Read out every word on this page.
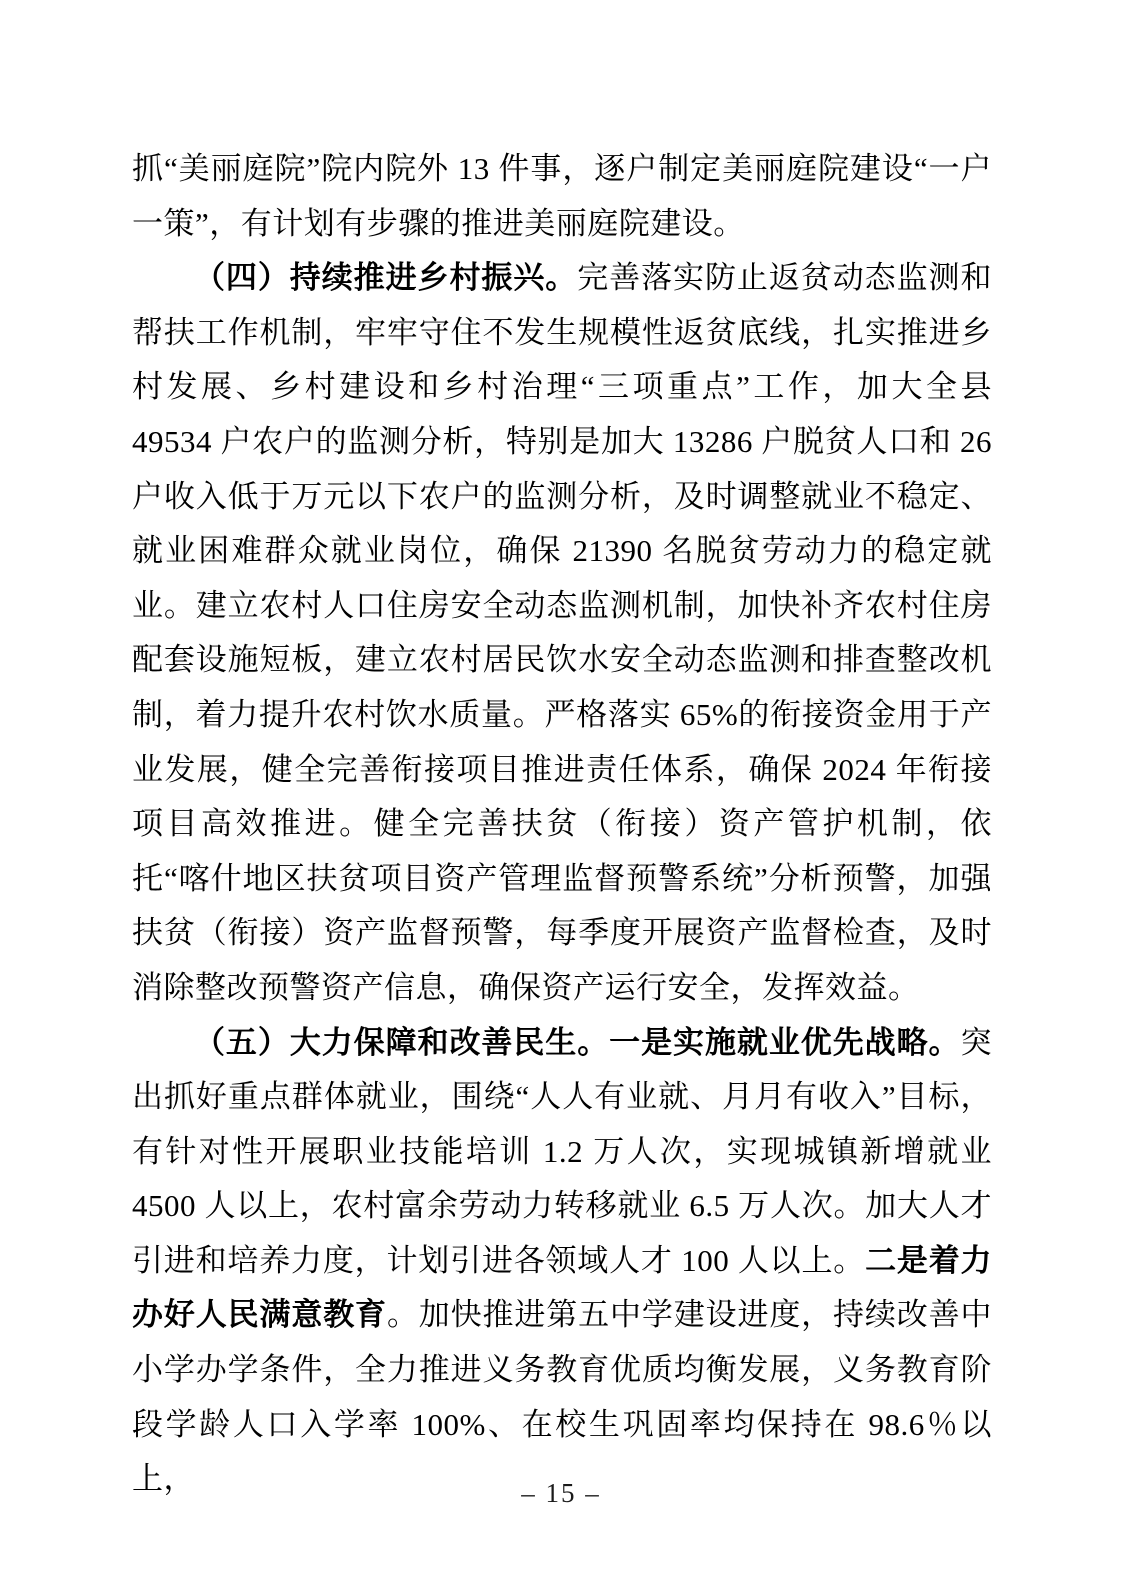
抓“美丽庭院”院内院外 13 件事，逐户制定美丽庭院建设“一户一策”，有计划有步骤的推进美丽庭院建设。

（四）持续推进乡村振兴。完善落实防止返贫动态监测和帮扶工作机制，牢牢守住不发生规模性返贫底线，扎实推进乡村发展、乡村建设和乡村治理“三项重点”工作，加大全县 49534 户农户的监测分析，特别是加大 13286 户脱贫人口和 26 户收入低于万元以下农户的监测分析，及时调整就业不稳定、就业困难群众就业岗位，确保 21390 名脱贫劳动力的稳定就业。建立农村人口住房安全动态监测机制，加快补齐农村住房配套设施短板，建立农村居民饮水安全动态监测和排查整改机制，着力提升农村饮水质量。严格落实 65%的衔接资金用于产业发展，健全完善衔接项目推进责任体系，确保 2024 年衔接项目高效推进。健全完善扶贫（衔接）资产管护机制，依托“喀什地区扶贫项目资产管理监督预警系统”分析预警，加强扶贫（衔接）资产监督预警，每季度开展资产监督检查，及时消除整改预警资产信息，确保资产运行安全，发挥效益。

（五）大力保障和改善民生。一是实施就业优先战略。突出抓好重点群体就业，围绕“人人有业就、月月有收入”目标，有针对性开展职业技能培训 1.2 万人次，实现城镇新增就业 4500 人以上，农村富余劳动力转移就业 6.5 万人次。加大人才引进和培养力度，计划引进各领域人才 100 人以上。二是着力办好人民满意教育。加快推进第五中学建设进度，持续改善中小学办学条件，全力推进义务教育优质均衡发展，义务教育阶段学龄人口入学率 100%、在校生巩固率均保持在 98.6％以上，	– 15 –
